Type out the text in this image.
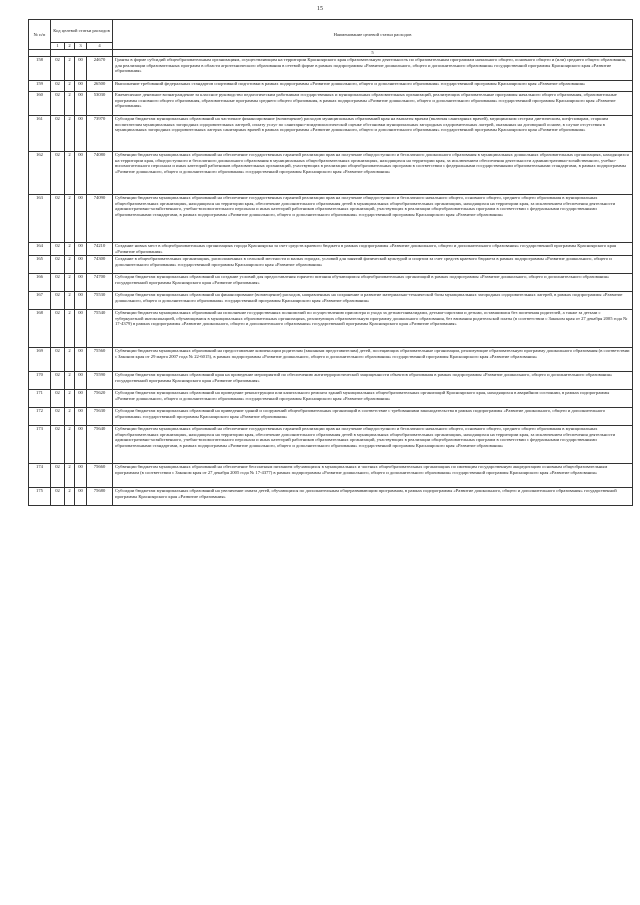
15
№ п/п	Код целевой статьи расходов				Наименование целевой статьи расходов
	1	2	3	4	
					5
158	02	2	00	24670	Гранты в форме субсидий общеобразовательным организациям, осуществляющим на территории Красноярского края образовательную деятельность по образовательным программам начального общего, основного общего и (или) среднего общего образования, для реализации образовательных программ в области агротехнического образования в сетевой форме в рамках подпрограммы «Развитие дошкольного, общего и дополнительного образования» государственной программы Красноярского края «Развитие образования»
159	02	2	00	26500	Выполнение требований федеральных стандартов спортивной подготовки в рамках подпрограммы «Развитие дошкольного, общего и дополнительного образования» государственной программы Красноярского края «Развитие образования»
160	02	2	00	53030	Ежемесячное денежное вознаграждение за классное руководство педагогическим работникам государственных и муниципальных образовательных организаций, реализующих образовательные программы начального общего образования, образовательные программы основного общего образования, образовательные программы среднего общего образования, в рамках подпрограммы «Развитие дошкольного, общего и дополнительного образования» государственной программы Красноярского края «Развитие образования»
161	02	2	00	73970	Субсидии бюджетам муниципальных образований на частичное финансирование (возмещение) расходов муниципальных образований края на выплаты врачам (включая санитарных врачей), медицинским сестрам диетическим, шеф-поварам, старшим воспитателям муниципальных загородных оздоровительных лагерей, оплату услуг по санитарно-эпидемиологической оценке обстановки муниципальных загородных оздоровительных лагерей, оказанных на договорной основе, в случае отсутствия в муниципальных загородных оздоровительных лагерях санитарных врачей в рамках подпрограммы «Развитие дошкольного, общего и дополнительного образования» государственной программы Красноярского края «Развитие образования»
162	02	2	00	74080	Субвенции бюджетам муниципальных образований на обеспечение государственных гарантий реализации прав на получение общедоступного и бесплатного дошкольного образования в муниципальных дошкольных образовательных организациях, находящихся на территории края, общедоступного и бесплатного дошкольного образования в муниципальных общеобразовательных организациях, находящихся на территории края, за исключением обеспечения деятельности административно-хозяйственного, учебно-вспомогательного персонала и иных категорий работников образовательных организаций, участвующих в реализации общеобразовательных программ в соответствии с федеральными государственными образовательными стандартами, в рамках подпрограммы «Развитие дошкольного, общего и дополнительного образования» государственной программы Красноярского края «Развитие образования»
163	02	2	00	74090	Субвенции бюджетам муниципальных образований на обеспечение государственных гарантий реализации прав на получение общедоступного и бесплатного начального общего, основного общего, среднего общего образования в муниципальных общеобразовательных организациях, находящихся на территории края, обеспечение дополнительного образования детей в муниципальных общеобразовательных организациях, находящихся на территории края, за исключением обеспечения деятельности административно-хозяйственного, учебно-вспомогательного персонала и иных категорий работников образовательных организаций, участвующих в реализации общеобразовательных программ в соответствии с федеральными государственными образовательными стандартами, в рамках подпрограммы «Развитие дошкольного, общего и дополнительного образования» государственной программы Красноярского края «Развитие образования»
164	02	2	00	74210	Создание новых мест в общеобразовательных организациях города Красноярска за счет средств краевого бюджета в рамках подпрограммы «Развитие дошкольного, общего и дополнительного образования» государственной программы Красноярского края «Развитие образования»
165	02	2	00	74300	Создание в общеобразовательных организациях, расположенных в сельской местности и малых городах, условий для занятий физической культурой и спортом за счет средств краевого бюджета в рамках подпрограммы «Развитие дошкольного, общего и дополнительного образования» государственной программы Красноярского края «Развитие образования»
166	02	2	00	74700	Субсидии бюджетам муниципальных образований на создание условий для предоставления горячего питания обучающимся общеобразовательных организаций в рамках подпрограммы «Развитие дошкольного, общего и дополнительного образования» государственной программы Красноярского края «Развитие образования»
167	02	2	00	75530	Субсидии бюджетам муниципальных образований на финансирование (возмещение) расходов, направленных на сохранение и развитие материально-технической базы муниципальных загородных оздоровительных лагерей, в рамках подпрограммы «Развитие дошкольного, общего и дополнительного образования» государственной программы Красноярского края «Развитие образования»
168	02	2	00	75540	Субвенции бюджетам муниципальных образований на исполнение государственных полномочий по осуществлению присмотра и ухода за детьми-инвалидами, детьми-сиротами и детьми, оставшимися без попечения родителей, а также за детьми с туберкулезной интоксикацией, обучающимися в муниципальных образовательных организациях, реализующих образовательную программу дошкольного образования, без взимания родительской платы (в соответствии с Законом края от 27 декабря 2005 года № 17-4379) в рамках подпрограммы «Развитие дошкольного, общего и дополнительного образования» государственной программы Красноярского края «Развитие образования»
169	02	2	00	75560	Субвенции бюджетам муниципальных образований на предоставление компенсации родителям (законным представителям) детей, посещающих образовательные организации, реализующие образовательную программу дошкольного образования (в соответствии с Законом края от 29 марта 2007 года № 22-6015), в рамках подпрограммы «Развитие дошкольного, общего и дополнительного образования» государственной программы Красноярского края «Развитие образования»
170	02	2	00	75590	Субсидии бюджетам муниципальных образований края на проведение мероприятий по обеспечению антитеррористической защищенности объектов образования в рамках подпрограммы «Развитие дошкольного, общего и дополнительного образования» государственной программы Красноярского края «Развитие образования»
171	02	2	00	75620	Субсидии бюджетам муниципальных образований на проведение реконструкции или капитального ремонта зданий муниципальных общеобразовательных организаций Красноярского края, находящихся в аварийном состоянии, в рамках подпрограммы «Развитие дошкольного, общего и дополнительного образования» государственной программы Красноярского края «Развитие образования»
172	02	2	00	75630	Субсидии бюджетам муниципальных образований на приведение зданий и сооружений общеобразовательных организаций в соответствие с требованиями законодательства в рамках подпрограммы «Развитие дошкольного, общего и дополнительного образования» государственной программы Красноярского края «Развитие образования»
173	02	2	00	75640	Субвенции бюджетам муниципальных образований на обеспечение государственных гарантий реализации прав на получение общедоступного и бесплатного начального общего, основного общего, среднего общего образования в муниципальных общеобразовательных организациях, находящихся на территории края, обеспечение дополнительного образования детей в муниципальных общеобразовательных организациях, находящихся на территории края, за исключением обеспечения деятельности административно-хозяйственного, учебно-вспомогательного персонала и иных категорий работников образовательных организаций, участвующих в реализации общеобразовательных программ в соответствии с федеральными государственными образовательными стандартами, в рамках подпрограммы «Развитие дошкольного, общего и дополнительного образования» государственной программы Красноярского края «Развитие образования»
174	02	2	00	75660	Субвенции бюджетам муниципальных образований на обеспечение бесплатным питанием обучающихся в муниципальных и частных общеобразовательных организациях по имеющим государственную аккредитацию основным общеобразовательным программам (в соответствии с Законом края от 27 декабря 2005 года № 17-4377) в рамках подпрограммы «Развитие дошкольного, общего и дополнительного образования» государственной программы Красноярского края «Развитие образования»
175	02	2	00	75680	Субсидии бюджетам муниципальных образований на увеличение охвата детей, обучающихся по дополнительным общеразвивающим программам, в рамках подпрограммы «Развитие дошкольного, общего и дополнительного образования» государственной программы Красноярского края «Развитие образования»
